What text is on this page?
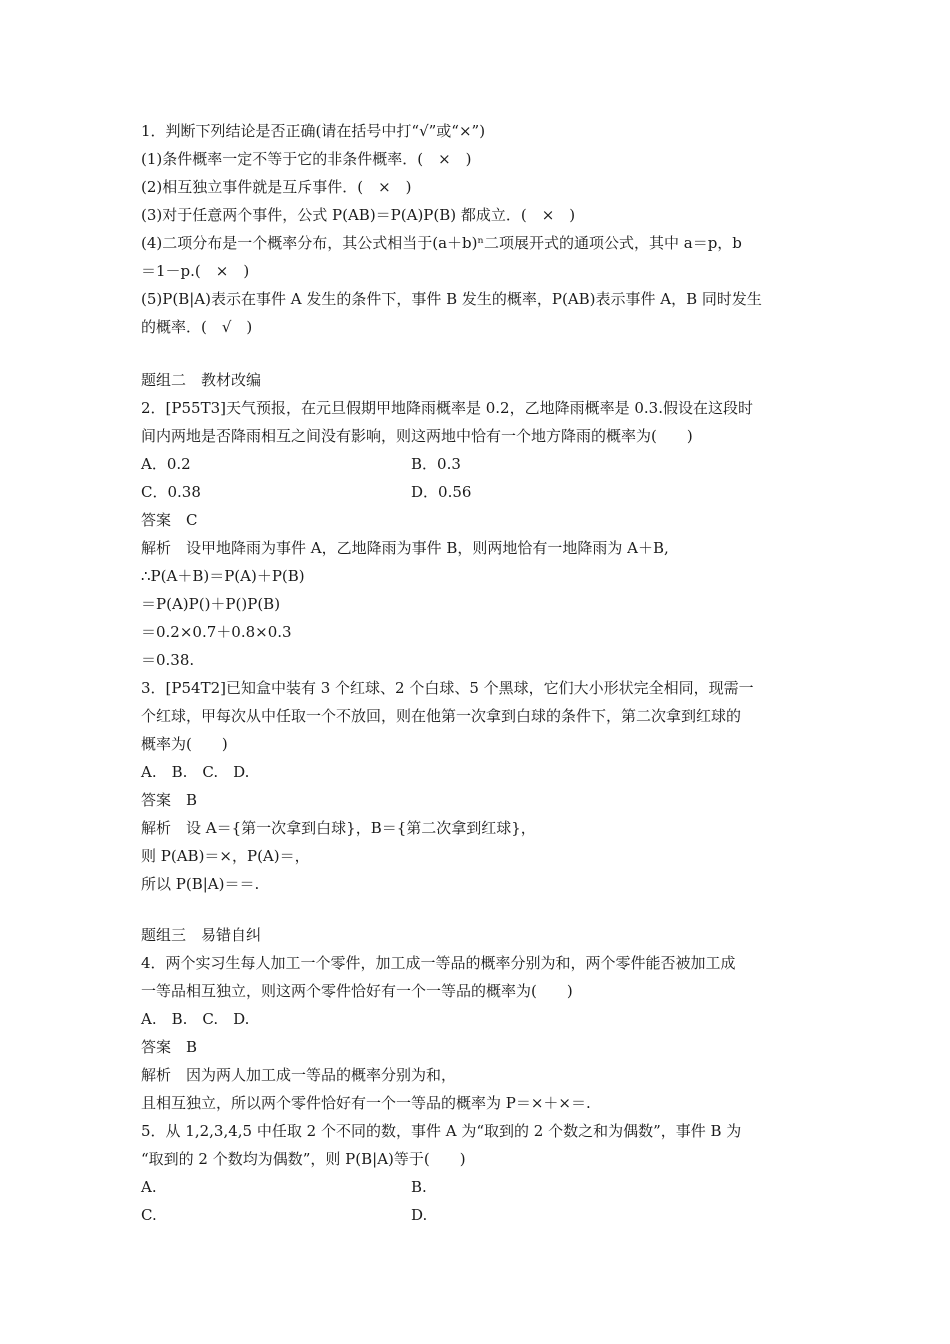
1．判断下列结论是否正确(请在括号中打“√”或“×”)
(1)条件概率一定不等于它的非条件概率．(　×　)
(2)相互独立事件就是互斥事件．(　×　)
(3)对于任意两个事件，公式 P(AB)＝P(A)P(B) 都成立．(　×　)
(4)二项分布是一个概率分布，其公式相当于(a＋b)ⁿ二项展开式的通项公式，其中 a＝p，b
＝1－p.(　×　)
(5)P(B|A)表示在事件 A 发生的条件下，事件 B 发生的概率，P(AB)表示事件 A，B 同时发生
的概率．(　√　)
题组二　教材改编
2．[P55T3]天气预报，在元旦假期甲地降雨概率是 0.2，乙地降雨概率是 0.3.假设在这段时
间内两地是否降雨相互之间没有影响，则这两地中恰有一个地方降雨的概率为(　　)
A．0.2	B．0.3
C．0.38	D．0.56
答案　C
解析　设甲地降雨为事件 A，乙地降雨为事件 B，则两地恰有一地降雨为 A＋B,
∴P(A＋B)＝P(A)＋P(B)
＝P(A)P()＋P()P(B)
＝0.2×0.7＋0.8×0.3
＝0.38.
3．[P54T2]已知盒中装有 3 个红球、2 个白球、5 个黑球，它们大小形状完全相同，现需一
个红球，甲每次从中任取一个不放回，则在他第一次拿到白球的条件下，第二次拿到红球的
概率为(　　)
A.　B.　C.　D.
答案　B
解析　设 A＝{第一次拿到白球}，B＝{第二次拿到红球}，
则 P(AB)＝×，P(A)＝，
所以 P(B|A)＝＝.
题组三　易错自纠
4．两个实习生每人加工一个零件，加工成一等品的概率分别为和，两个零件能否被加工成
一等品相互独立，则这两个零件恰好有一个一等品的概率为(　　)
A.　B.　C.　D.
答案　B
解析　因为两人加工成一等品的概率分别为和，
且相互独立，所以两个零件恰好有一个一等品的概率为 P＝×＋×＝.
5．从 1,2,3,4,5 中任取 2 个不同的数，事件 A 为“取到的 2 个数之和为偶数”，事件 B 为
“取到的 2 个数均为偶数”，则 P(B|A)等于(　　)
A.	B.
C.	D.
